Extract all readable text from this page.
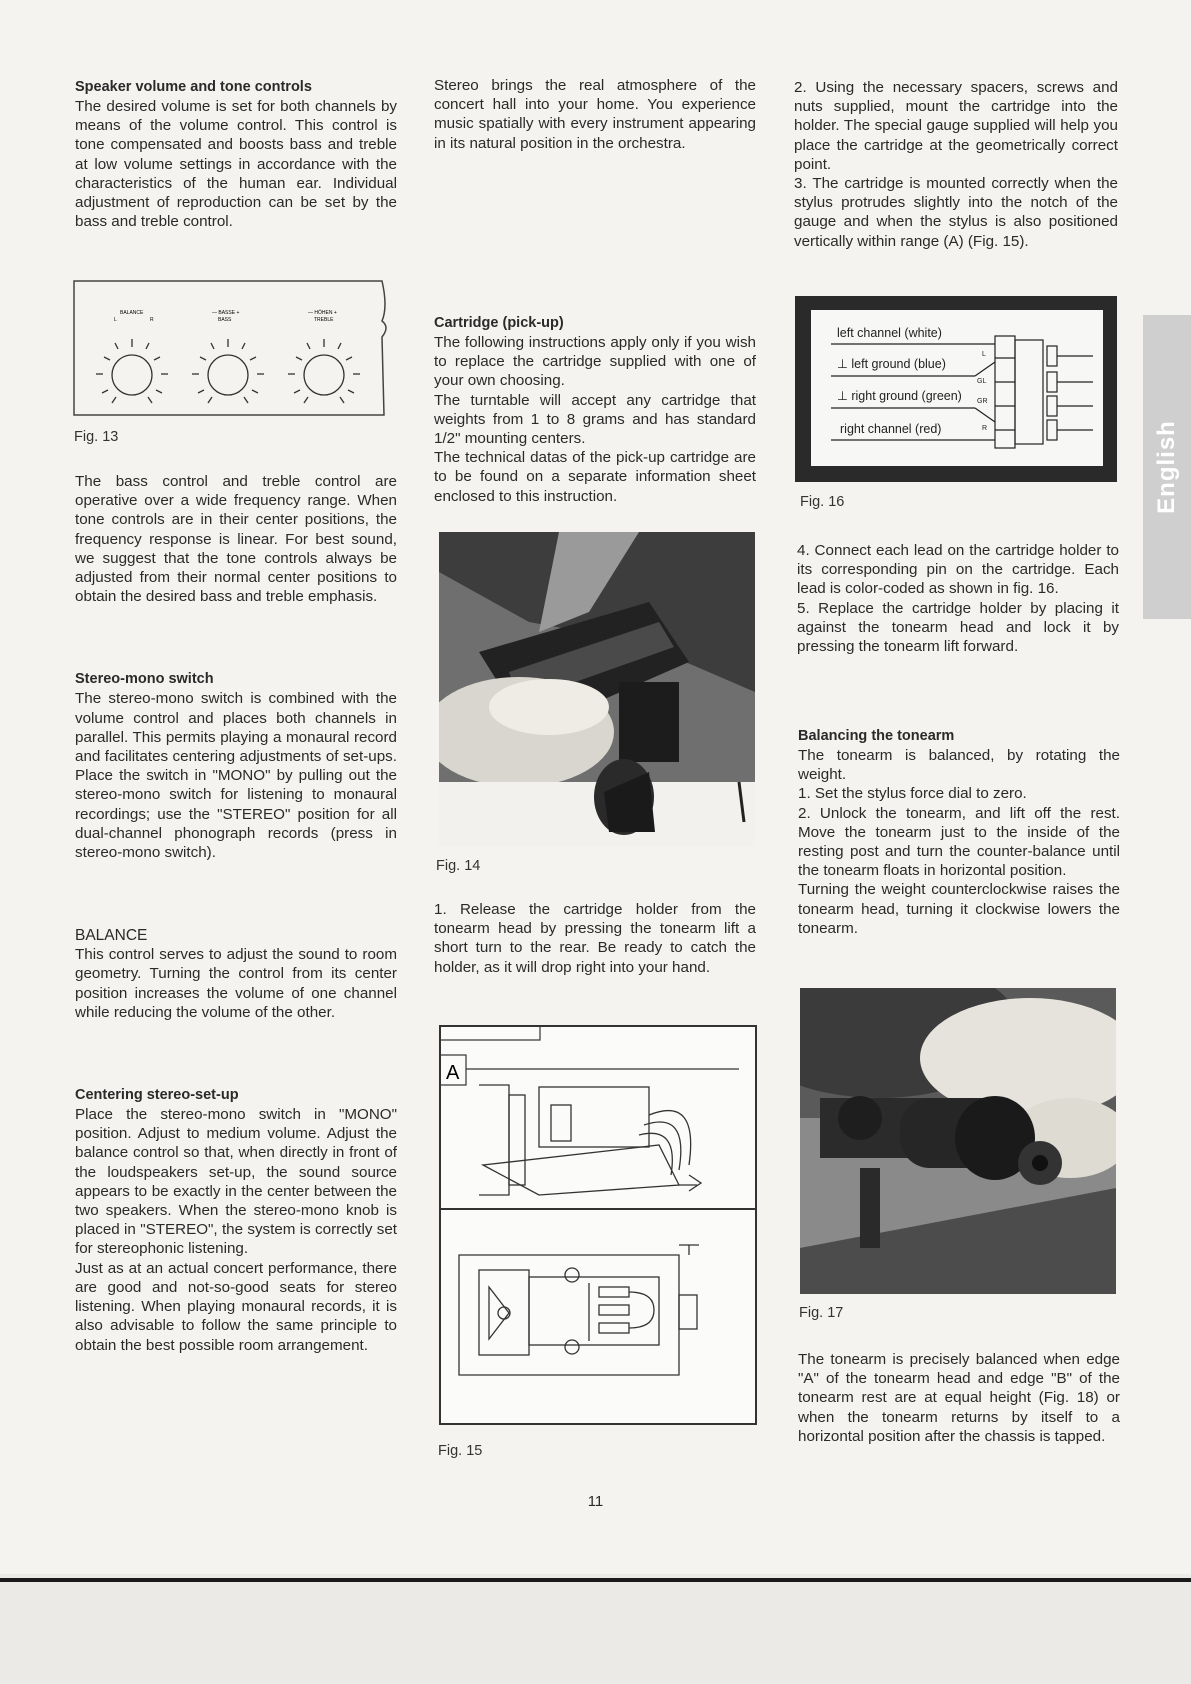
Speaker volume and tone controls

The desired volume is set for both channels by means of the volume control. This control is tone compensated and boosts bass and treble at low volume settings in accordance with the characteristics of the human ear. Individual adjustment of reproduction can be set by the bass and treble control.

BALANCE
L	R
— BASSE +
BASS
— HÖHEN +
TREBLE
Fig. 13

The bass control and treble control are operative over a wide frequency range. When tone controls are in their center positions, the frequency response is linear. For best sound, we suggest that the tone controls always be adjusted from their normal center positions to obtain the desired bass and treble emphasis.

Stereo-mono switch

The stereo-mono switch is combined with the volume control and places both channels in parallel. This permits playing a monaural record and facilitates centering adjustments of set-ups. Place the switch in "MONO" by pulling out the stereo-mono switch for listening to monaural recordings; use the "STEREO" position for all dual-channel phonograph records (press in stereo-mono switch).

BALANCE

This control serves to adjust the sound to room geometry. Turning the control from its center position increases the volume of one channel while reducing the volume of the other.

Centering stereo-set-up

Place the stereo-mono switch in "MONO" position. Adjust to medium volume. Adjust the balance control so that, when directly in front of the loudspeakers set-up, the sound source appears to be exactly in the center between the two speakers. When the stereo-mono knob is placed in "STEREO", the system is correctly set for stereophonic listening.

Just as at an actual concert performance, there are good and not-so-good seats for stereo listening. When playing monaural records, it is also advisable to follow the same principle to obtain the best possible room arrangement.

Stereo brings the real atmosphere of the concert hall into your home. You experience music spatially with every instrument appearing in its natural position in the orchestra.

Cartridge (pick-up)

The following instructions apply only if you wish to replace the cartridge supplied with one of your own choosing.

The turntable will accept any cartridge that weights from 1 to 8 grams and has standard 1/2" mounting centers.

The technical datas of the pick-up cartridge are to be found on a separate information sheet enclosed to this instruction.

Fig. 14

1. Release the cartridge holder from the tonearm head by pressing the tonearm lift a short turn to the rear. Be ready to catch the holder, as it will drop right into your hand.

A
Fig. 15

2. Using the necessary spacers, screws and nuts supplied, mount the cartridge into the holder. The special gauge supplied will help you place the cartridge at the geometrically correct point.

3. The cartridge is mounted correctly when the stylus protrudes slightly into the notch of the gauge and when the stylus is also positioned vertically within range (A) (Fig. 15).

left channel (white)
⊥ left ground (blue)
⊥ right ground (green)
right channel (red)
L
GL
GR
R
Fig. 16

4. Connect each lead on the cartridge holder to its corresponding pin on the cartridge. Each lead is color-coded as shown in fig. 16.

5. Replace the cartridge holder by placing it against the tonearm head and lock it by pressing the tonearm lift forward.

Balancing the tonearm

The tonearm is balanced, by rotating the weight.

1. Set the stylus force dial to zero.

2. Unlock the tonearm, and lift off the rest. Move the tonearm just to the inside of the resting post and turn the counter-balance until the tonearm floats in horizontal position.

Turning the weight counterclockwise raises the tonearm head, turning it clockwise lowers the tonearm.

Fig. 17

The tonearm is precisely balanced when edge "A" of the tonearm head and edge "B" of the tonearm rest are at equal height (Fig. 18) or when the tonearm returns by itself to a horizontal position after the chassis is tapped.

English
11
